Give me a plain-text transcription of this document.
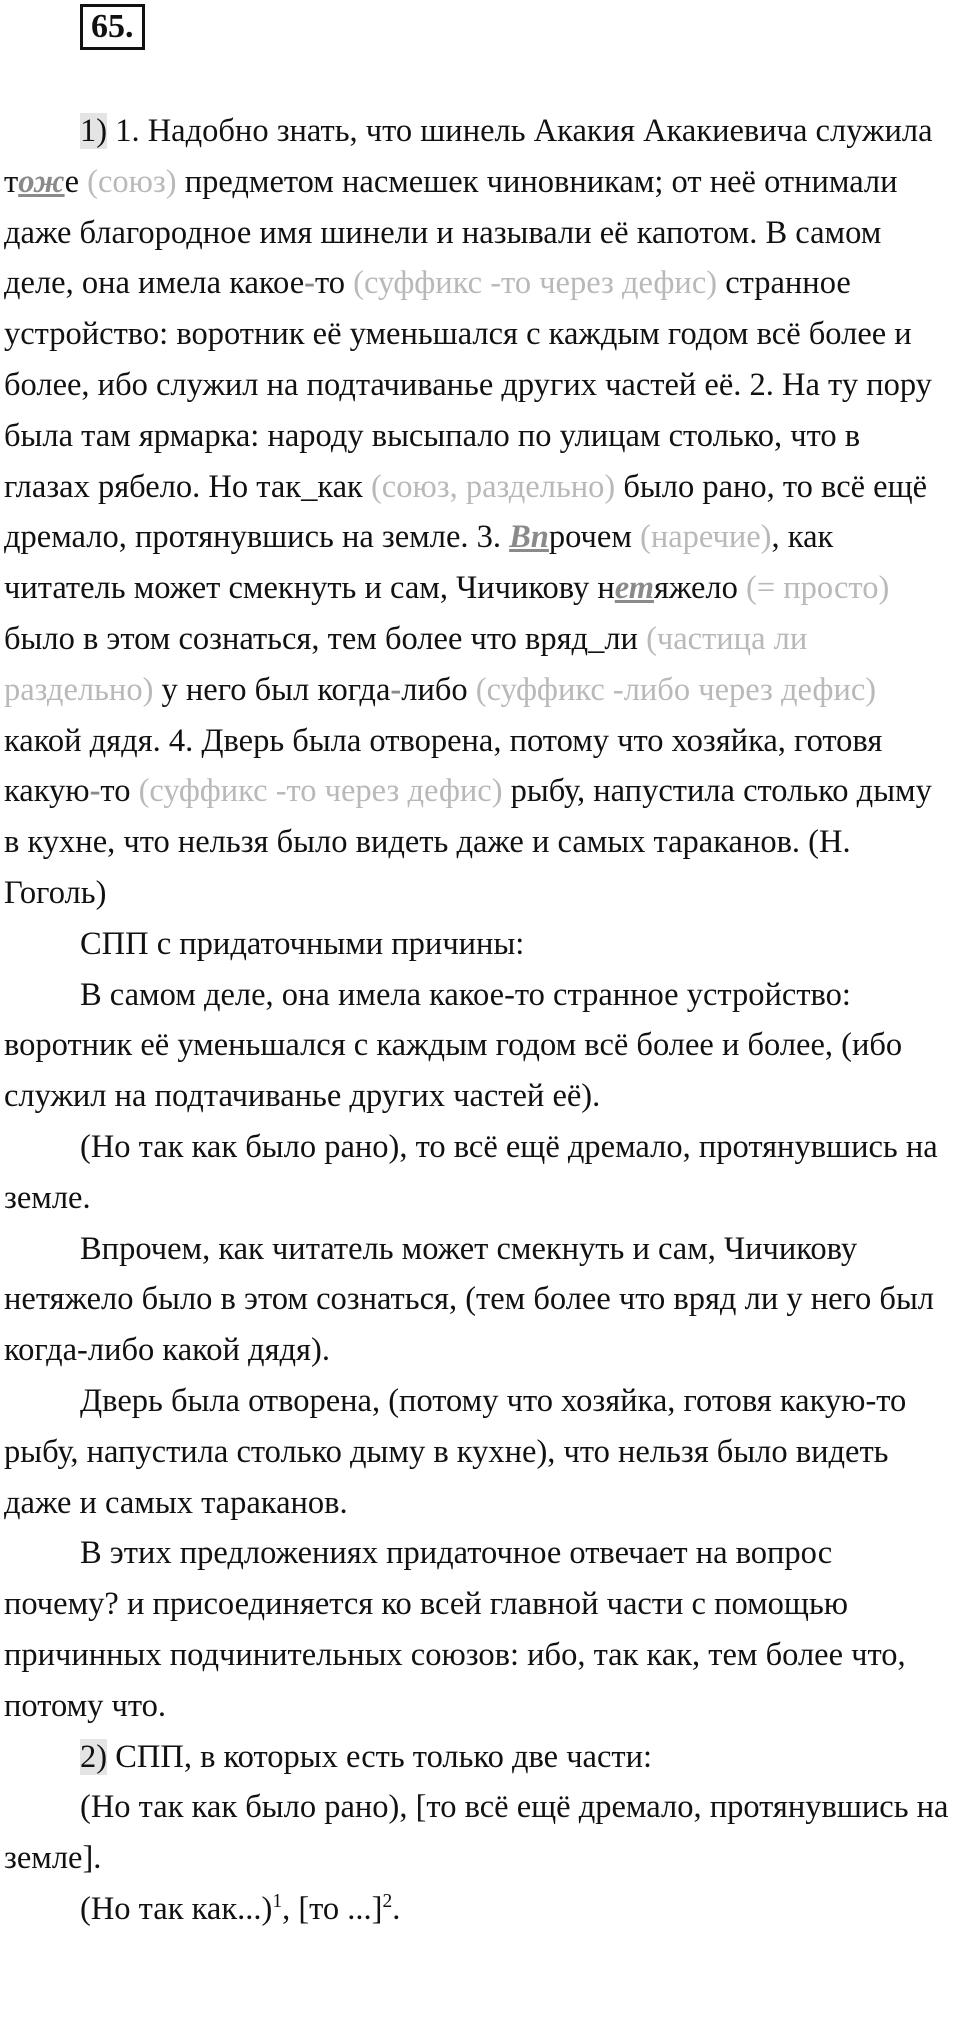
65.

1) 1. Надобно знать, что шинель Акакия Акакиевича служила тоже (союз) предметом насмешек чиновникам; от неё отнимали даже благородное имя шинели и называли её капотом. В самом деле, она имела какое-то (суффикс -то через дефис) странное устройство: воротник её уменьшался с каждым годом всё более и более, ибо служил на подтачиванье других частей её. 2. На ту пору была там ярмарка: народу высыпало по улицам столько, что в глазах рябело. Но так_как (союз, раздельно) было рано, то всё ещё дремало, протянувшись на земле. 3. Впрочем (наречие), как читатель может смекнуть и сам, Чичикову нетяжело (= просто) было в этом сознаться, тем более что вряд_ли (частица ли раздельно) у него был когда-либо (суффикс -либо через дефис) какой дядя. 4. Дверь была отворена, потому что хозяйка, готовя какую-то (суффикс -то через дефис) рыбу, напустила столько дыму в кухне, что нельзя было видеть даже и самых тараканов. (Н. Гоголь)

СПП с придаточными причины:

В самом деле, она имела какое-то странное устройство: воротник её уменьшался с каждым годом всё более и более, (ибо служил на подтачиванье других частей её).

(Но так как было рано), то всё ещё дремало, протянувшись на земле.

Впрочем, как читатель может смекнуть и сам, Чичикову нетяжело было в этом сознаться, (тем более что вряд ли у него был когда-либо какой дядя).

Дверь была отворена, (потому что хозяйка, готовя какую-то рыбу, напустила столько дыму в кухне), что нельзя было видеть даже и самых тараканов.

В этих предложениях придаточное отвечает на вопрос почему? и присоединяется ко всей главной части с помощью причинных подчинительных союзов: ибо, так как, тем более что, потому что.

2) СПП, в которых есть только две части:

(Но так как было рано), [то всё ещё дремало, протянувшись на земле].

(Но так как...)$^1$, [то ...]$^2$.
